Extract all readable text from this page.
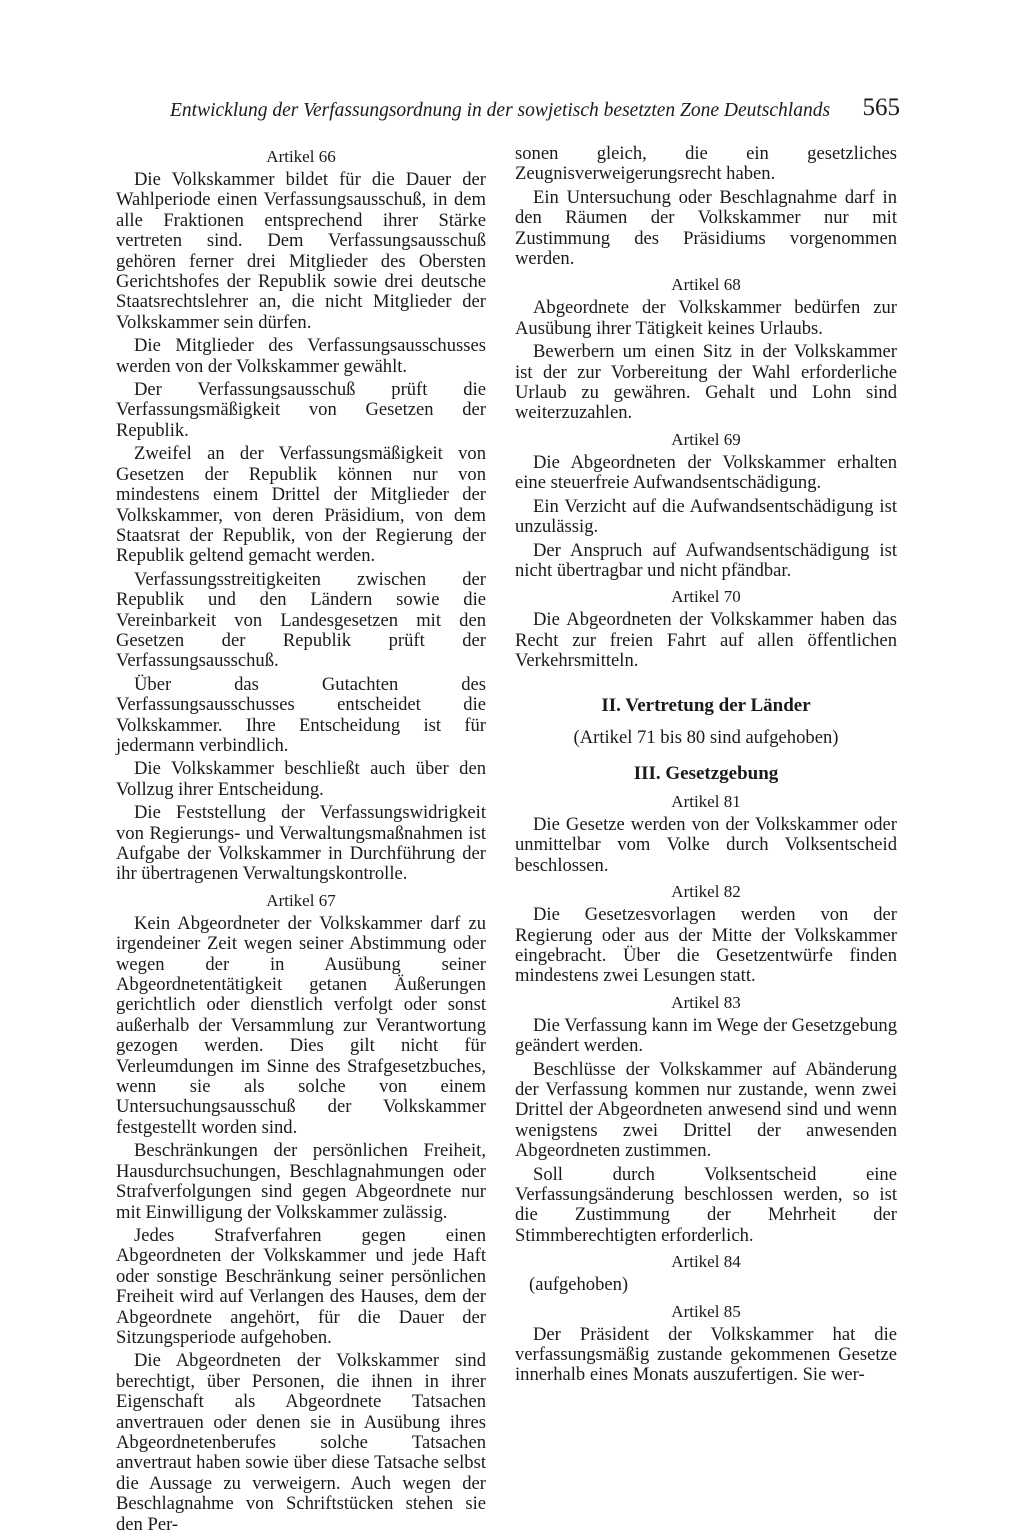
Entwicklung der Verfassungsordnung in der sowjetisch besetzten Zone Deutschlands 565
Artikel 66

Die Volkskammer bildet für die Dauer der Wahlperiode einen Verfassungsausschuß, in dem alle Fraktionen entsprechend ihrer Stärke vertreten sind. Dem Verfassungsausschuß gehören ferner drei Mitglieder des Obersten Gerichtshofes der Republik sowie drei deutsche Staatsrechtslehrer an, die nicht Mitglieder der Volkskammer sein dürfen.

Die Mitglieder des Verfassungsausschusses werden von der Volkskammer gewählt.

Der Verfassungsausschuß prüft die Verfassungsmäßigkeit von Gesetzen der Republik.

Zweifel an der Verfassungsmäßigkeit von Gesetzen der Republik können nur von mindestens einem Drittel der Mitglieder der Volkskammer, von deren Präsidium, von dem Staatsrat der Republik, von der Regierung der Republik geltend gemacht werden.

Verfassungsstreitigkeiten zwischen der Republik und den Ländern sowie die Vereinbarkeit von Landesgesetzen mit den Gesetzen der Republik prüft der Verfassungsausschuß.

Über das Gutachten des Verfassungsausschusses entscheidet die Volkskammer. Ihre Entscheidung ist für jedermann verbindlich.

Die Volkskammer beschließt auch über den Vollzug ihrer Entscheidung.

Die Feststellung der Verfassungswidrigkeit von Regierungs- und Verwaltungsmaßnahmen ist Aufgabe der Volkskammer in Durchführung der ihr übertragenen Verwaltungskontrolle.

Artikel 67

Kein Abgeordneter der Volkskammer darf zu irgendeiner Zeit wegen seiner Abstimmung oder wegen der in Ausübung seiner Abgeordnetentätigkeit getanen Äußerungen gerichtlich oder dienstlich verfolgt oder sonst außerhalb der Versammlung zur Verantwortung gezogen werden. Dies gilt nicht für Verleumdungen im Sinne des Strafgesetzbuches, wenn sie als solche von einem Untersuchungsausschuß der Volkskammer festgestellt worden sind.

Beschränkungen der persönlichen Freiheit, Hausdurchsuchungen, Beschlagnahmungen oder Strafverfolgungen sind gegen Abgeordnete nur mit Einwilligung der Volkskammer zulässig.

Jedes Strafverfahren gegen einen Abgeordneten der Volkskammer und jede Haft oder sonstige Beschränkung seiner persönlichen Freiheit wird auf Verlangen des Hauses, dem der Abgeordnete angehört, für die Dauer der Sitzungsperiode aufgehoben.

Die Abgeordneten der Volkskammer sind berechtigt, über Personen, die ihnen in ihrer Eigenschaft als Abgeordnete Tatsachen anvertrauen oder denen sie in Ausübung ihres Abgeordnetenberufes solche Tatsachen anvertraut haben sowie über diese Tatsache selbst die Aussage zu verweigern. Auch wegen der Beschlagnahme von Schriftstücken stehen sie den Per-

sonen gleich, die ein gesetzliches Zeugnisverweigerungsrecht haben.

Ein Untersuchung oder Beschlagnahme darf in den Räumen der Volkskammer nur mit Zustimmung des Präsidiums vorgenommen werden.

Artikel 68

Abgeordnete der Volkskammer bedürfen zur Ausübung ihrer Tätigkeit keines Urlaubs.

Bewerbern um einen Sitz in der Volkskammer ist der zur Vorbereitung der Wahl erforderliche Urlaub zu gewähren. Gehalt und Lohn sind weiterzuzahlen.

Artikel 69

Die Abgeordneten der Volkskammer erhalten eine steuerfreie Aufwandsentschädigung.

Ein Verzicht auf die Aufwandsentschädigung ist unzulässig.

Der Anspruch auf Aufwandsentschädigung ist nicht übertragbar und nicht pfändbar.

Artikel 70

Die Abgeordneten der Volkskammer haben das Recht zur freien Fahrt auf allen öffentlichen Verkehrsmitteln.

II. Vertretung der Länder

(Artikel 71 bis 80 sind aufgehoben)

III. Gesetzgebung
Artikel 81

Die Gesetze werden von der Volkskammer oder unmittelbar vom Volke durch Volksentscheid beschlossen.

Artikel 82

Die Gesetzesvorlagen werden von der Regierung oder aus der Mitte der Volkskammer eingebracht. Über die Gesetzentwürfe finden mindestens zwei Lesungen statt.

Artikel 83

Die Verfassung kann im Wege der Gesetzgebung geändert werden.

Beschlüsse der Volkskammer auf Abänderung der Verfassung kommen nur zustande, wenn zwei Drittel der Abgeordneten anwesend sind und wenn wenigstens zwei Drittel der anwesenden Abgeordneten zustimmen.

Soll durch Volksentscheid eine Verfassungsänderung beschlossen werden, so ist die Zustimmung der Mehrheit der Stimmberechtigten erforderlich.

Artikel 84

(aufgehoben)

Artikel 85

Der Präsident der Volkskammer hat die verfassungsmäßig zustande gekommenen Gesetze innerhalb eines Monats auszufertigen. Sie wer-
